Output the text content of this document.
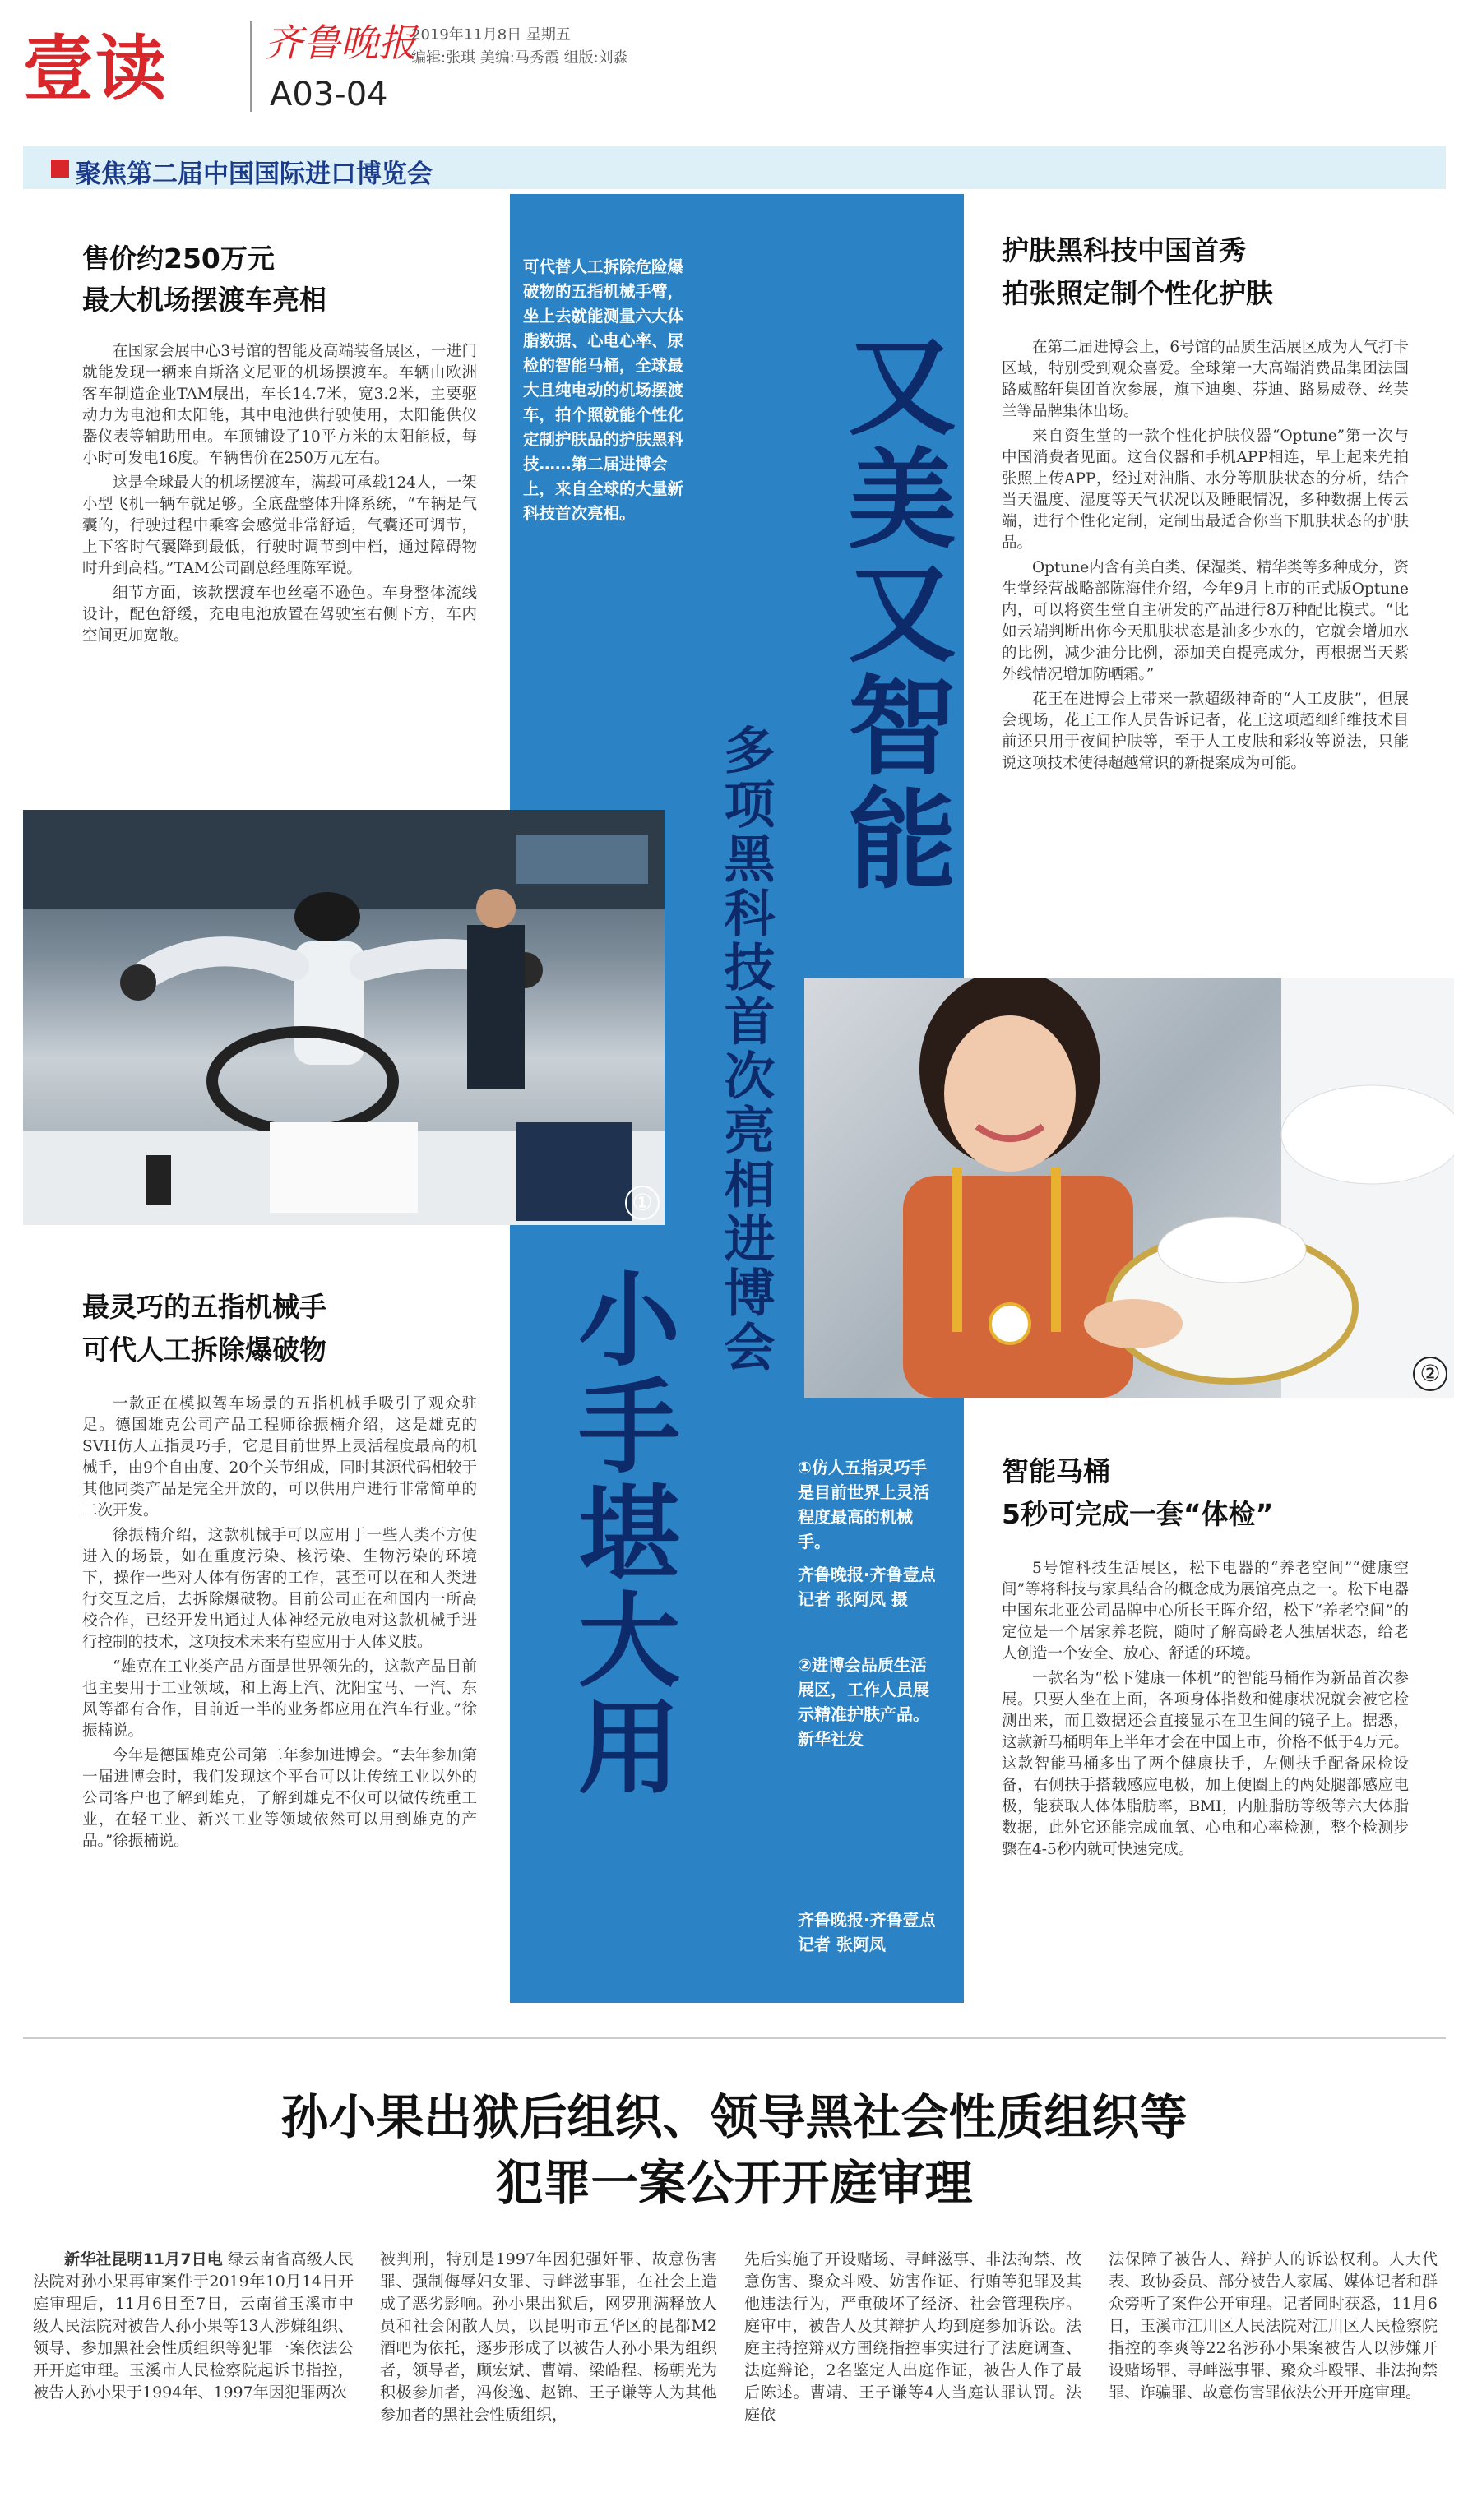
壹读	齐鲁晚报
A03-04
2019年11月8日 星期五
编辑:张琪 美编:马秀霞 组版:刘淼
聚焦第二届中国国际进口博览会
可代替人工拆除危险爆破物的五指机械手臂，坐上去就能测量六大体脂数据、心电心率、尿检的智能马桶，全球最大且纯电动的机场摆渡车，拍个照就能个性化定制护肤品的护肤黑科技……第二届进博会上，来自全球的大量新科技首次亮相。	又美又智能
多项黑科技首次亮相进博会
小手堪大用	①仿人五指灵巧手是目前世界上灵活程度最高的机械手。
齐鲁晚报·齐鲁壹点记者 张阿凤 摄
②进博会品质生活展区，工作人员展示精准护肤产品。新华社发
齐鲁晚报·齐鲁壹点记者 张阿凤
售价约250万元
最大机场摆渡车亮相

在国家会展中心3号馆的智能及高端装备展区，一进门就能发现一辆来自斯洛文尼亚的机场摆渡车。车辆由欧洲客车制造企业TAM展出，车长14.7米，宽3.2米，主要驱动力为电池和太阳能，其中电池供行驶使用，太阳能供仪器仪表等辅助用电。车顶铺设了10平方米的太阳能板，每小时可发电16度。车辆售价在250万元左右。

这是全球最大的机场摆渡车，满载可承载124人，一架小型飞机一辆车就足够。全底盘整体升降系统，“车辆是气囊的，行驶过程中乘客会感觉非常舒适，气囊还可调节，上下客时气囊降到最低，行驶时调节到中档，通过障碍物时升到高档。”TAM公司副总经理陈军说。

细节方面，该款摆渡车也丝毫不逊色。车身整体流线设计，配色舒缓，充电电池放置在驾驶室右侧下方，车内空间更加宽敞。

①
最灵巧的五指机械手
可代人工拆除爆破物

一款正在模拟驾车场景的五指机械手吸引了观众驻足。德国雄克公司产品工程师徐振楠介绍，这是雄克的SVH仿人五指灵巧手，它是目前世界上灵活程度最高的机械手，由9个自由度、20个关节组成，同时其源代码相较于其他同类产品是完全开放的，可以供用户进行非常简单的二次开发。

徐振楠介绍，这款机械手可以应用于一些人类不方便进入的场景，如在重度污染、核污染、生物污染的环境下，操作一些对人体有伤害的工作，甚至可以在和人类进行交互之后，去拆除爆破物。目前公司正在和国内一所高校合作，已经开发出通过人体神经元放电对这款机械手进行控制的技术，这项技术未来有望应用于人体义肢。

“雄克在工业类产品方面是世界领先的，这款产品目前也主要用于工业领域，和上海上汽、沈阳宝马、一汽、东风等都有合作，目前近一半的业务都应用在汽车行业。”徐振楠说。

今年是德国雄克公司第二年参加进博会。“去年参加第一届进博会时，我们发现这个平台可以让传统工业以外的公司客户也了解到雄克，了解到雄克不仅可以做传统重工业，在轻工业、新兴工业等领域依然可以用到雄克的产品。”徐振楠说。

护肤黑科技中国首秀
拍张照定制个性化护肤

在第二届进博会上，6号馆的品质生活展区成为人气打卡区域，特别受到观众喜爱。全球第一大高端消费品集团法国路威酩轩集团首次参展，旗下迪奥、芬迪、路易威登、丝芙兰等品牌集体出场。

来自资生堂的一款个性化护肤仪器“Optune”第一次与中国消费者见面。这台仪器和手机APP相连，早上起来先拍张照上传APP，经过对油脂、水分等肌肤状态的分析，结合当天温度、湿度等天气状况以及睡眠情况，多种数据上传云端，进行个性化定制，定制出最适合你当下肌肤状态的护肤品。

Optune内含有美白类、保湿类、精华类等多种成分，资生堂经营战略部陈海佳介绍，今年9月上市的正式版Optune内，可以将资生堂自主研发的产品进行8万种配比模式。“比如云端判断出你今天肌肤状态是油多少水的，它就会增加水的比例，减少油分比例，添加美白提亮成分，再根据当天紫外线情况增加防晒霜。”

花王在进博会上带来一款超级神奇的“人工皮肤”，但展会现场，花王工作人员告诉记者，花王这项超细纤维技术目前还只用于夜间护肤等，至于人工皮肤和彩妆等说法，只能说这项技术使得超越常识的新提案成为可能。

②
智能马桶
5秒可完成一套“体检”

5号馆科技生活展区，松下电器的“养老空间”“健康空间”等将科技与家具结合的概念成为展馆亮点之一。松下电器中国东北亚公司品牌中心所长王晖介绍，松下“养老空间”的定位是一个居家养老院，随时了解高龄老人独居状态，给老人创造一个安全、放心、舒适的环境。

一款名为“松下健康一体机”的智能马桶作为新品首次参展。只要人坐在上面，各项身体指数和健康状况就会被它检测出来，而且数据还会直接显示在卫生间的镜子上。据悉，这款新马桶明年上半年才会在中国上市，价格不低于4万元。这款智能马桶多出了两个健康扶手，左侧扶手配备尿检设备，右侧扶手搭载感应电极，加上便圈上的两处腿部感应电极，能获取人体体脂肪率，BMI，内脏脂肪等级等六大体脂数据，此外它还能完成血氧、心电和心率检测，整个检测步骤在4-5秒内就可快速完成。

孙小果出狱后组织、领导黑社会性质组织等
犯罪一案公开开庭审理

新华社昆明11月7日电 绿云南省高级人民法院对孙小果再审案件于2019年10月14日开庭审理后，11月6日至7日，云南省玉溪市中级人民法院对被告人孙小果等13人涉嫌组织、领导、参加黑社会性质组织等犯罪一案依法公开开庭审理。玉溪市人民检察院起诉书指控，被告人孙小果于1994年、1997年因犯罪两次

被判刑，特别是1997年因犯强奸罪、故意伤害罪、强制侮辱妇女罪、寻衅滋事罪，在社会上造成了恶劣影响。孙小果出狱后，网罗刑满释放人员和社会闲散人员，以昆明市五华区的昆都M2酒吧为依托，逐步形成了以被告人孙小果为组织者，领导者，顾宏斌、曹靖、梁皓程、杨朝光为积极参加者，冯俊逸、赵锦、王子谦等人为其他参加者的黑社会性质组织，

先后实施了开设赌场、寻衅滋事、非法拘禁、故意伤害、聚众斗殴、妨害作证、行贿等犯罪及其他违法行为，严重破坏了经济、社会管理秩序。庭审中，被告人及其辩护人均到庭参加诉讼。法庭主持控辩双方围绕指控事实进行了法庭调查、法庭辩论，2名鉴定人出庭作证，被告人作了最后陈述。曹靖、王子谦等4人当庭认罪认罚。法庭依

法保障了被告人、辩护人的诉讼权利。人大代表、政协委员、部分被告人家属、媒体记者和群众旁听了案件公开审理。记者同时获悉，11月6日，玉溪市江川区人民法院对江川区人民检察院指控的李爽等22名涉孙小果案被告人以涉嫌开设赌场罪、寻衅滋事罪、聚众斗殴罪、非法拘禁罪、诈骗罪、故意伤害罪依法公开开庭审理。
